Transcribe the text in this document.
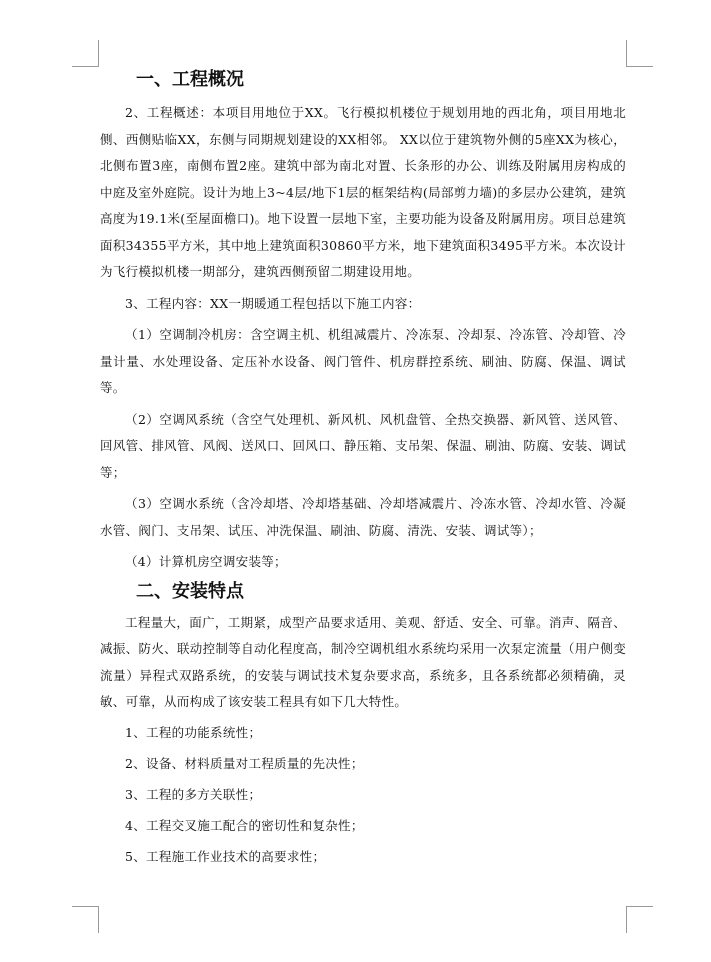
一、工程概况

2、工程概述：本项目用地位于XX。飞行模拟机楼位于规划用地的西北角，项目用地北侧、西侧贴临XX，东侧与同期规划建设的XX相邻。 XX以位于建筑物外侧的5座XX为核心，北侧布置3座，南侧布置2座。建筑中部为南北对置、长条形的办公、训练及附属用房构成的中庭及室外庭院。设计为地上3~4层/地下1层的框架结构(局部剪力墙)的多层办公建筑，建筑高度为19.1米(至屋面檐口)。地下设置一层地下室，主要功能为设备及附属用房。项目总建筑面积34355平方米，其中地上建筑面积30860平方米，地下建筑面积3495平方米。本次设计为飞行模拟机楼一期部分，建筑西侧预留二期建设用地。

3、工程内容：XX一期暖通工程包括以下施工内容：

（1）空调制冷机房：含空调主机、机组减震片、冷冻泵、冷却泵、冷冻管、冷却管、冷量计量、水处理设备、定压补水设备、阀门管件、机房群控系统、刷油、防腐、保温、调试等。

（2）空调风系统（含空气处理机、新风机、风机盘管、全热交换器、新风管、送风管、回风管、排风管、风阀、送风口、回风口、静压箱、支吊架、保温、刷油、防腐、安装、调试等；

（3）空调水系统（含冷却塔、冷却塔基础、冷却塔减震片、冷冻水管、冷却水管、冷凝水管、阀门、支吊架、试压、冲洗保温、刷油、防腐、清洗、安装、调试等）；

（4）计算机房空调安装等；

二、安装特点

工程量大，面广，工期紧，成型产品要求适用、美观、舒适、安全、可靠。消声、隔音、减振、防火、联动控制等自动化程度高，制冷空调机组水系统均采用一次泵定流量（用户侧变流量）异程式双路系统，的安装与调试技术复杂要求高，系统多，且各系统都必须精确，灵敏、可靠，从而构成了该安装工程具有如下几大特性。

1、工程的功能系统性；

2、设备、材料质量对工程质量的先决性；

3、工程的多方关联性；

4、工程交叉施工配合的密切性和复杂性；

5、工程施工作业技术的高要求性；
